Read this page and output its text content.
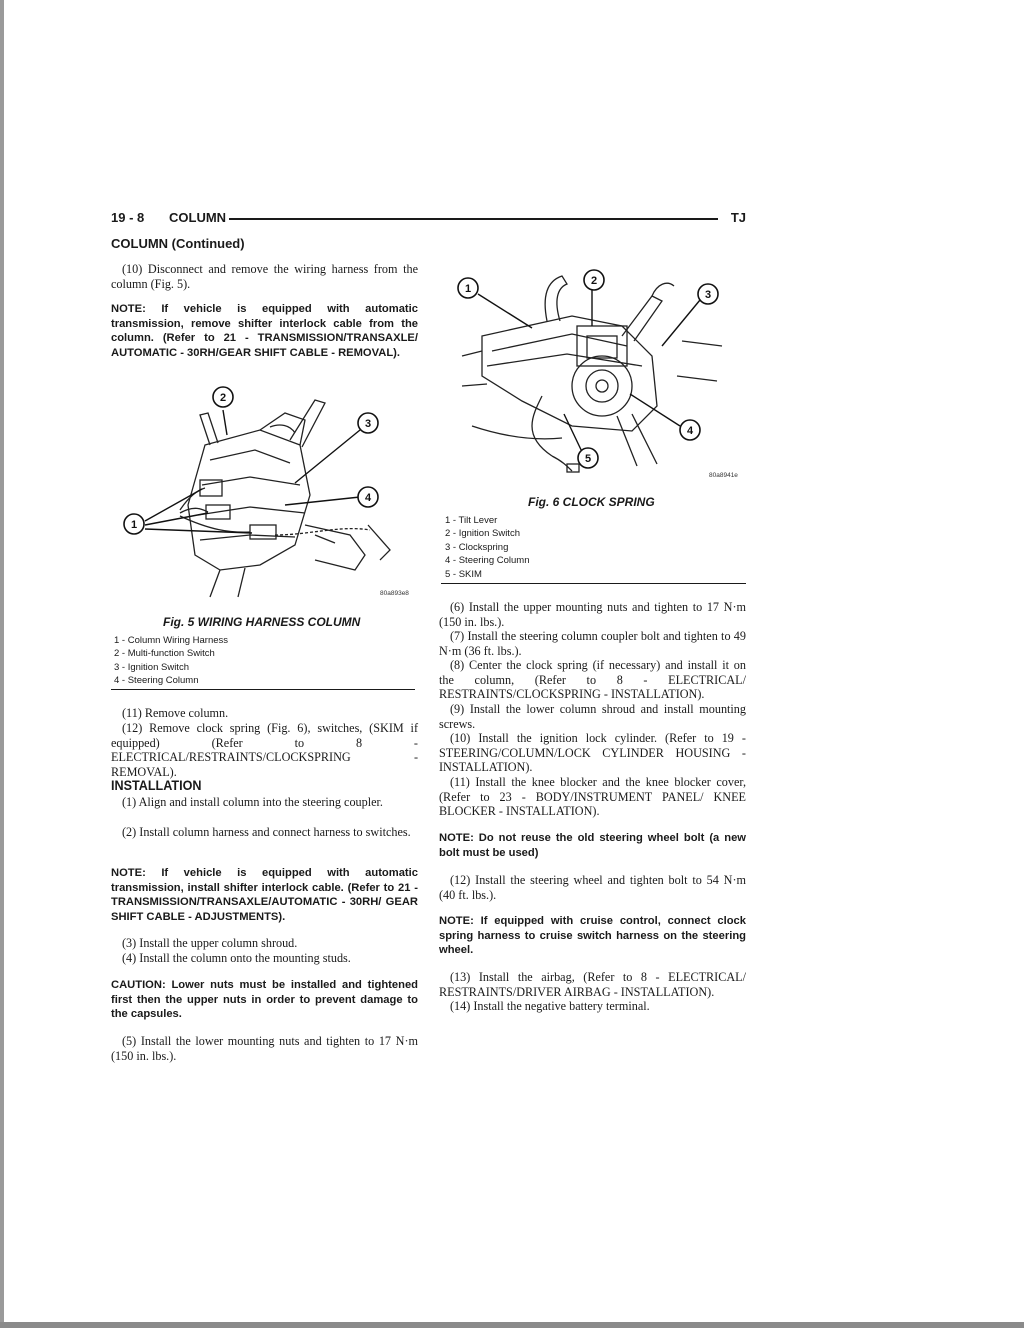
19 - 8 COLUMN	TJ
COLUMN (Continued)
(10) Disconnect and remove the wiring harness from the column (Fig. 5).
NOTE: If vehicle is equipped with automatic transmission, remove shifter interlock cable from the column. (Refer to 21 - TRANSMISSION/TRANSAXLE/ AUTOMATIC - 30RH/GEAR SHIFT CABLE - REMOVAL).
2
3
4
1
80a893e8
Fig. 5 WIRING HARNESS COLUMN
1 - Column Wiring Harness
2 - Multi-function Switch
3 - Ignition Switch
4 - Steering Column
(11) Remove column.
(12) Remove clock spring (Fig. 6), switches, (SKIM if equipped) (Refer to 8 - ELECTRICAL/RESTRAINTS/CLOCKSPRING - REMOVAL).
INSTALLATION
(1) Align and install column into the steering coupler.
(2) Install column harness and connect harness to switches.
NOTE: If vehicle is equipped with automatic transmission, install shifter interlock cable. (Refer to 21 - TRANSMISSION/TRANSAXLE/AUTOMATIC - 30RH/ GEAR SHIFT CABLE - ADJUSTMENTS).
(3) Install the upper column shroud.
(4) Install the column onto the mounting studs.
CAUTION: Lower nuts must be installed and tightened first then the upper nuts in order to prevent damage to the capsules.
(5) Install the lower mounting nuts and tighten to 17 N·m (150 in. lbs.).
1
2
3
4
5
80a8941e
Fig. 6 CLOCK SPRING
1 - Tilt Lever
2 - Ignition Switch
3 - Clockspring
4 - Steering Column
5 - SKIM
(6) Install the upper mounting nuts and tighten to 17 N·m (150 in. lbs.).
(7) Install the steering column coupler bolt and tighten to 49 N·m (36 ft. lbs.).
(8) Center the clock spring (if necessary) and install it on the column, (Refer to 8 - ELECTRICAL/ RESTRAINTS/CLOCKSPRING - INSTALLATION).
(9) Install the lower column shroud and install mounting screws.
(10) Install the ignition lock cylinder. (Refer to 19 - STEERING/COLUMN/LOCK CYLINDER HOUSING - INSTALLATION).
(11) Install the knee blocker and the knee blocker cover, (Refer to 23 - BODY/INSTRUMENT PANEL/ KNEE BLOCKER - INSTALLATION).
NOTE: Do not reuse the old steering wheel bolt (a new bolt must be used)
(12) Install the steering wheel and tighten bolt to 54 N·m (40 ft. lbs.).
NOTE: If equipped with cruise control, connect clock spring harness to cruise switch harness on the steering wheel.
(13) Install the airbag, (Refer to 8 - ELECTRICAL/ RESTRAINTS/DRIVER AIRBAG - INSTALLATION).
(14) Install the negative battery terminal.
